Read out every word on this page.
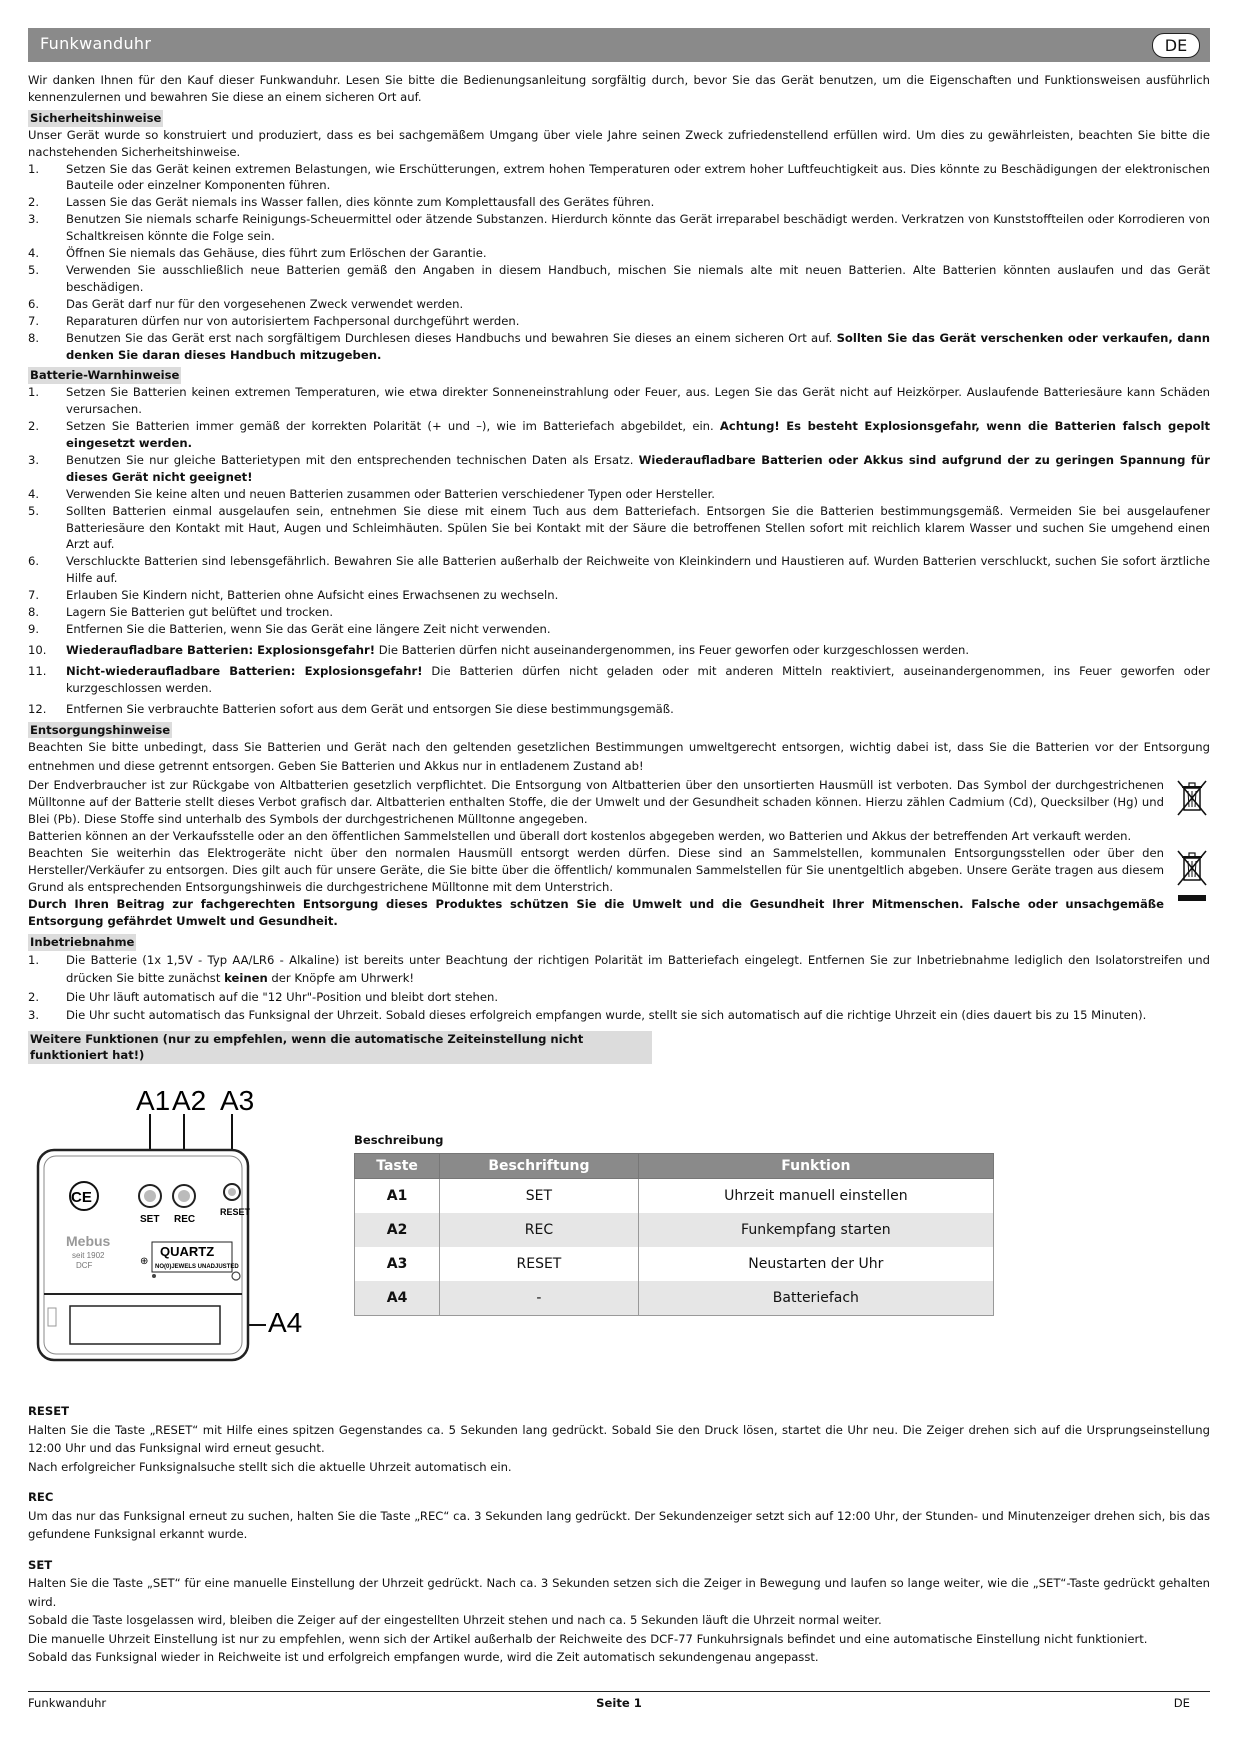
Funkwanduhr	DE

Wir danken Ihnen für den Kauf dieser Funkwanduhr. Lesen Sie bitte die Bedienungsanleitung sorgfältig durch, bevor Sie das Gerät benutzen, um die Eigenschaften und Funktionsweisen ausführlich kennenzulernen und bewahren Sie diese an einem sicheren Ort auf.

Sicherheitshinweise

Unser Gerät wurde so konstruiert und produziert, dass es bei sachgemäßem Umgang über viele Jahre seinen Zweck zufriedenstellend erfüllen wird. Um dies zu gewährleisten, beachten Sie bitte die nachstehenden Sicherheitshinweise.

1. Setzen Sie das Gerät keinen extremen Belastungen, wie Erschütterungen, extrem hohen Temperaturen oder extrem hoher Luftfeuchtigkeit aus. Dies könnte zu Beschädigungen der elektronischen Bauteile oder einzelner Komponenten führen.
2. Lassen Sie das Gerät niemals ins Wasser fallen, dies könnte zum Komplettausfall des Gerätes führen.
3. Benutzen Sie niemals scharfe Reinigungs-Scheuermittel oder ätzende Substanzen. Hierdurch könnte das Gerät irreparabel beschädigt werden. Verkratzen von Kunststoffteilen oder Korrodieren von Schaltkreisen könnte die Folge sein.
4. Öffnen Sie niemals das Gehäuse, dies führt zum Erlöschen der Garantie.
5. Verwenden Sie ausschließlich neue Batterien gemäß den Angaben in diesem Handbuch, mischen Sie niemals alte mit neuen Batterien. Alte Batterien könnten auslaufen und das Gerät beschädigen.
6. Das Gerät darf nur für den vorgesehenen Zweck verwendet werden.
7. Reparaturen dürfen nur von autorisiertem Fachpersonal durchgeführt werden.
8. Benutzen Sie das Gerät erst nach sorgfältigem Durchlesen dieses Handbuchs und bewahren Sie dieses an einem sicheren Ort auf. Sollten Sie das Gerät verschenken oder verkaufen, dann denken Sie daran dieses Handbuch mitzugeben.
Batterie-Warnhinweise
1. Setzen Sie Batterien keinen extremen Temperaturen, wie etwa direkter Sonneneinstrahlung oder Feuer, aus. Legen Sie das Gerät nicht auf Heizkörper. Auslaufende Batteriesäure kann Schäden verursachen.
2. Setzen Sie Batterien immer gemäß der korrekten Polarität (+ und –), wie im Batteriefach abgebildet, ein. Achtung! Es besteht Explosionsgefahr, wenn die Batterien falsch gepolt eingesetzt werden.
3. Benutzen Sie nur gleiche Batterietypen mit den entsprechenden technischen Daten als Ersatz. Wiederaufladbare Batterien oder Akkus sind aufgrund der zu geringen Spannung für dieses Gerät nicht geeignet!
4. Verwenden Sie keine alten und neuen Batterien zusammen oder Batterien verschiedener Typen oder Hersteller.
5. Sollten Batterien einmal ausgelaufen sein, entnehmen Sie diese mit einem Tuch aus dem Batteriefach. Entsorgen Sie die Batterien bestimmungsgemäß. Vermeiden Sie bei ausgelaufener Batteriesäure den Kontakt mit Haut, Augen und Schleimhäuten. Spülen Sie bei Kontakt mit der Säure die betroffenen Stellen sofort mit reichlich klarem Wasser und suchen Sie umgehend einen Arzt auf.
6. Verschluckte Batterien sind lebensgefährlich. Bewahren Sie alle Batterien außerhalb der Reichweite von Kleinkindern und Haustieren auf. Wurden Batterien verschluckt, suchen Sie sofort ärztliche Hilfe auf.
7. Erlauben Sie Kindern nicht, Batterien ohne Aufsicht eines Erwachsenen zu wechseln.
8. Lagern Sie Batterien gut belüftet und trocken.
9. Entfernen Sie die Batterien, wenn Sie das Gerät eine längere Zeit nicht verwenden.
10. Wiederaufladbare Batterien: Explosionsgefahr! Die Batterien dürfen nicht auseinandergenommen, ins Feuer geworfen oder kurzgeschlossen werden.
11. Nicht-wiederaufladbare Batterien: Explosionsgefahr! Die Batterien dürfen nicht geladen oder mit anderen Mitteln reaktiviert, auseinandergenommen, ins Feuer geworfen oder kurzgeschlossen werden.
12. Entfernen Sie verbrauchte Batterien sofort aus dem Gerät und entsorgen Sie diese bestimmungsgemäß.
Entsorgungshinweise

Beachten Sie bitte unbedingt, dass Sie Batterien und Gerät nach den geltenden gesetzlichen Bestimmungen umweltgerecht entsorgen, wichtig dabei ist, dass Sie die Batterien vor der Entsorgung entnehmen und diese getrennt entsorgen. Geben Sie Batterien und Akkus nur in entladenem Zustand ab!

Der Endverbraucher ist zur Rückgabe von Altbatterien gesetzlich verpflichtet. Die Entsorgung von Altbatterien über den unsortierten Hausmüll ist verboten. Das Symbol der durchgestrichenen Mülltonne auf der Batterie stellt dieses Verbot grafisch dar. Altbatterien enthalten Stoffe, die der Umwelt und der Gesundheit schaden können. Hierzu zählen Cadmium (Cd), Quecksilber (Hg) und Blei (Pb). Diese Stoffe sind unterhalb des Symbols der durchgestrichenen Mülltonne angegeben.

Batterien können an der Verkaufsstelle oder an den öffentlichen Sammelstellen und überall dort kostenlos abgegeben werden, wo Batterien und Akkus der betreffenden Art verkauft werden.

Beachten Sie weiterhin das Elektrogeräte nicht über den normalen Hausmüll entsorgt werden dürfen. Diese sind an Sammelstellen, kommunalen Entsorgungsstellen oder über den Hersteller/Verkäufer zu entsorgen. Dies gilt auch für unsere Geräte, die Sie bitte über die öffentlich/ kommunalen Sammelstellen für Sie unentgeltlich abgeben. Unsere Geräte tragen aus diesem Grund als entsprechenden Entsorgungshinweis die durchgestrichene Mülltonne mit dem Unterstrich.

Durch Ihren Beitrag zur fachgerechten Entsorgung dieses Produktes schützen Sie die Umwelt und die Gesundheit Ihrer Mitmenschen. Falsche oder unsachgemäße Entsorgung gefährdet Umwelt und Gesundheit.

Inbetriebnahme
1. Die Batterie (1x 1,5V - Typ AA/LR6 - Alkaline) ist bereits unter Beachtung der richtigen Polarität im Batteriefach eingelegt. Entfernen Sie zur Inbetriebnahme lediglich den Isolatorstreifen und drücken Sie bitte zunächst keinen der Knöpfe am Uhrwerk!
2. Die Uhr läuft automatisch auf die "12 Uhr"-Position und bleibt dort stehen.
3. Die Uhr sucht automatisch das Funksignal der Uhrzeit. Sobald dieses erfolgreich empfangen wurde, stellt sie sich automatisch auf die richtige Uhrzeit ein (dies dauert bis zu 15 Minuten).
Weitere Funktionen (nur zu empfehlen, wenn die automatische Zeiteinstellung nicht funktioniert hat!)
A1 A2 A3
A4
CE
SET REC
RESET
Mebus
seit 1902
DCF
QUARTZ
NO(0)JEWELS UNADJUSTED
⊕
Beschreibung
Taste	Beschriftung	Funktion
A1	SET	Uhrzeit manuell einstellen
A2	REC	Funkempfang starten
A3	RESET	Neustarten der Uhr
A4	-	Batteriefach
RESET

Halten Sie die Taste „RESET“ mit Hilfe eines spitzen Gegenstandes ca. 5 Sekunden lang gedrückt. Sobald Sie den Druck lösen, startet die Uhr neu. Die Zeiger drehen sich auf die Ursprungseinstellung 12:00 Uhr und das Funksignal wird erneut gesucht.

Nach erfolgreicher Funksignalsuche stellt sich die aktuelle Uhrzeit automatisch ein.

REC

Um das nur das Funksignal erneut zu suchen, halten Sie die Taste „REC“ ca. 3 Sekunden lang gedrückt. Der Sekundenzeiger setzt sich auf 12:00 Uhr, der Stunden- und Minutenzeiger drehen sich, bis das gefundene Funksignal erkannt wurde.

SET

Halten Sie die Taste „SET“ für eine manuelle Einstellung der Uhrzeit gedrückt. Nach ca. 3 Sekunden setzen sich die Zeiger in Bewegung und laufen so lange weiter, wie die „SET“-Taste gedrückt gehalten wird.

Sobald die Taste losgelassen wird, bleiben die Zeiger auf der eingestellten Uhrzeit stehen und nach ca. 5 Sekunden läuft die Uhrzeit normal weiter.

Die manuelle Uhrzeit Einstellung ist nur zu empfehlen, wenn sich der Artikel außerhalb der Reichweite des DCF-77 Funkuhrsignals befindet und eine automatische Einstellung nicht funktioniert.

Sobald das Funksignal wieder in Reichweite ist und erfolgreich empfangen wurde, wird die Zeit automatisch sekundengenau angepasst.

Funkwanduhr	Seite 1	DE
